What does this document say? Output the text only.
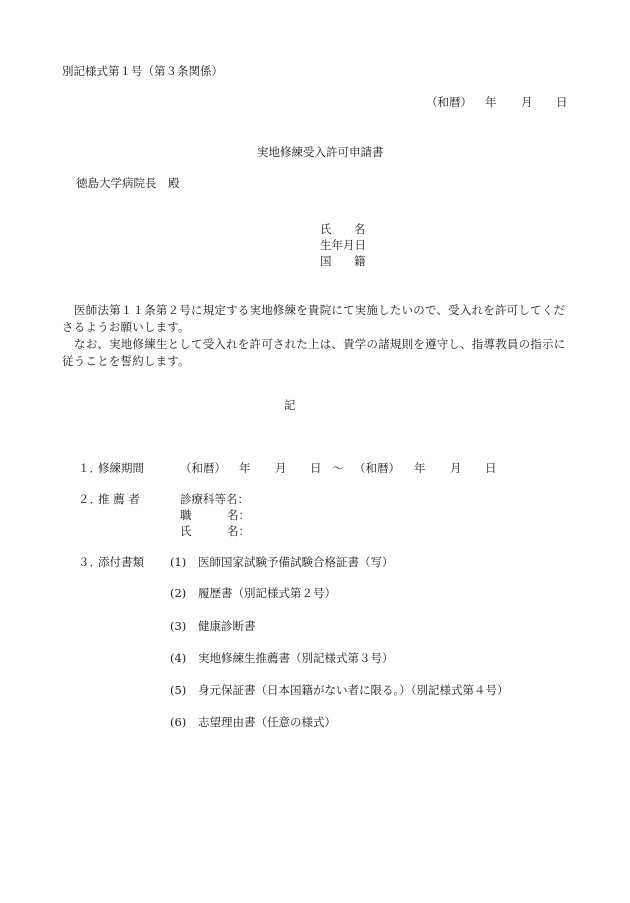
別記様式第１号（第３条関係）
（和暦） 年 月 日
実地修練受入許可申請書
徳島大学病院長　殿
氏 名
生年月日
国 籍
医師法第１１条第２号に規定する実地修練を貴院にて実施したいので、受入れを許可してくださるようお願いします。
なお、実地修練生として受入れを許可された上は、貴学の諸規則を遵守し、指導教員の指示に従うことを誓約します。
記
１．
修練期間	（和暦） 年 月 日 ～ （和暦） 年 月 日
２．
推 薦 者	診療科等名：
職	名：
氏	名：
３．
添付書類 (1) 医師国家試験予備試験合格証書（写）
(2) 履歴書（別記様式第２号）
(3) 健康診断書
(4) 実地修練生推薦書（別記様式第３号）
(5) 身元保証書（日本国籍がない者に限る。）（別記様式第４号）
(6) 志望理由書（任意の様式）
